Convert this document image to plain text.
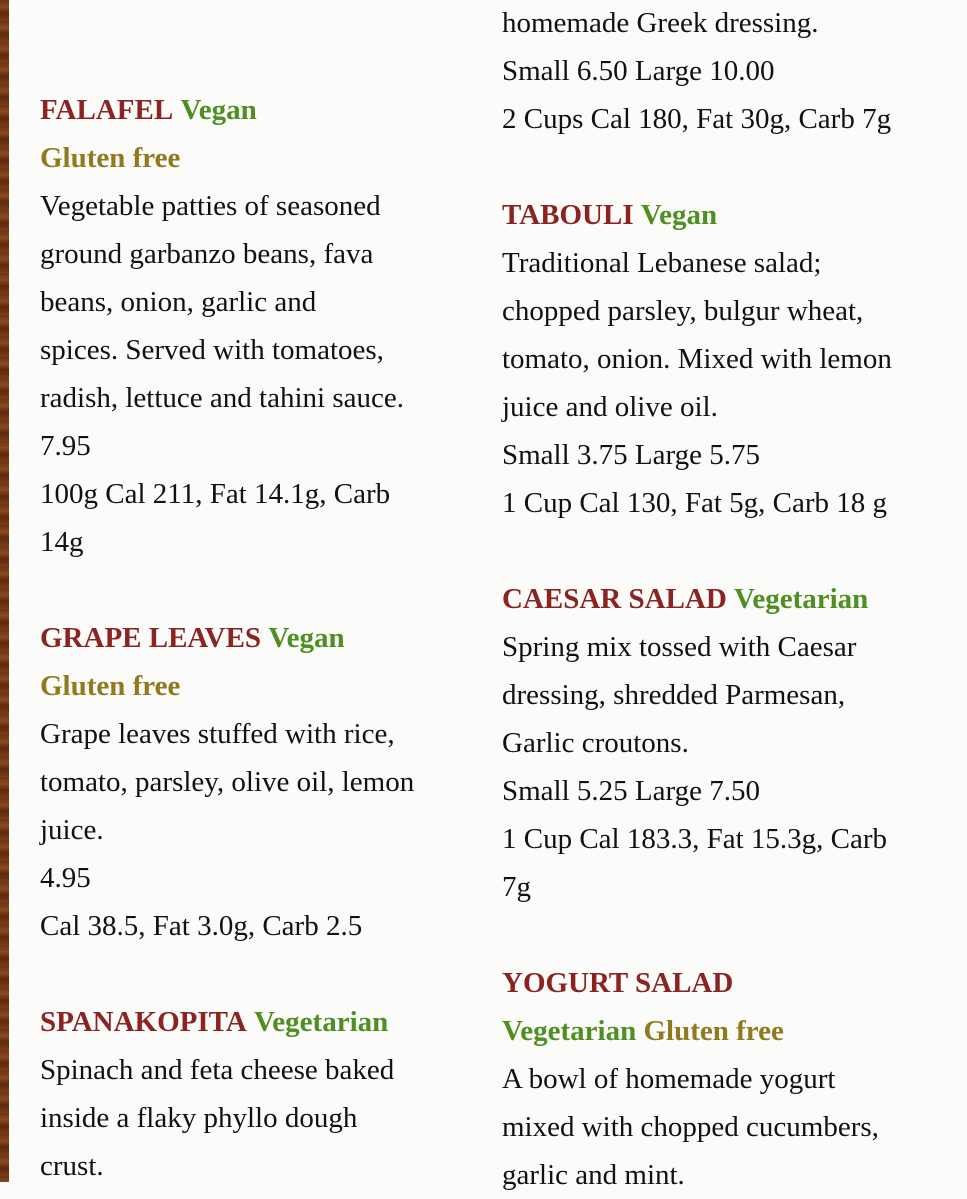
FALAFEL Vegan
Gluten free
Vegetable patties of seasoned
ground garbanzo beans, fava
beans, onion, garlic and
spices. Served with tomatoes,
radish, lettuce and tahini sauce.
7.95
100g Cal 211, Fat 14.1g, Carb
14g
GRAPE LEAVES Vegan
Gluten free
Grape leaves stuffed with rice,
tomato, parsley, olive oil, lemon
juice.
4.95
Cal 38.5, Fat 3.0g, Carb 2.5
SPANAKOPITA Vegetarian
Spinach and feta cheese baked
inside a flaky phyllo dough
crust.
homemade Greek dressing.
Small 6.50 Large 10.00
2 Cups Cal 180, Fat 30g, Carb 7g
TABOULI Vegan
Traditional Lebanese salad;
chopped parsley, bulgur wheat,
tomato, onion. Mixed with lemon
juice and olive oil.
Small 3.75 Large 5.75
1 Cup Cal 130, Fat 5g, Carb 18 g
CAESAR SALAD Vegetarian
Spring mix tossed with Caesar
dressing, shredded Parmesan,
Garlic croutons.
Small 5.25 Large 7.50
1 Cup Cal 183.3, Fat 15.3g, Carb
7g
YOGURT SALAD
Vegetarian Gluten free
A bowl of homemade yogurt
mixed with chopped cucumbers,
garlic and mint.
